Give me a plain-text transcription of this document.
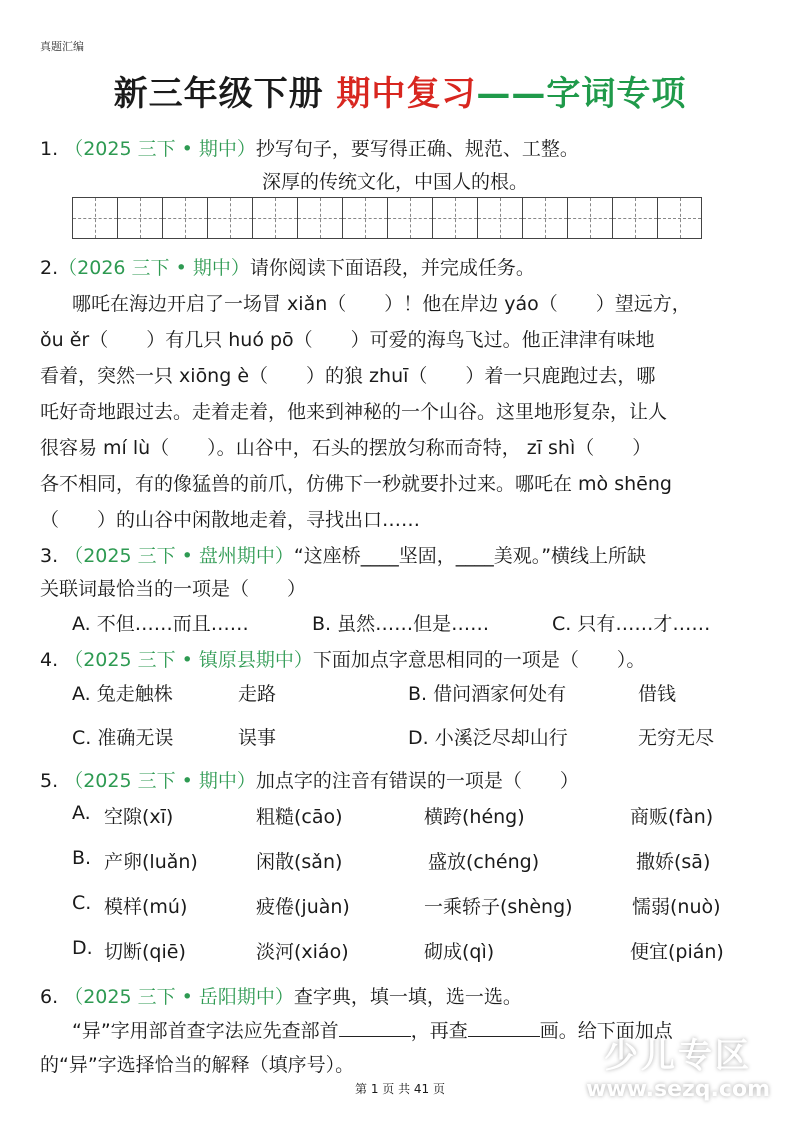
真题汇编
新三年级下册 期中复习——字词专项
1. （2025 三下 • 期中）抄写句子，要写得正确、规范、工整。
深厚的传统文化，中国人的根。
2.（2026 三下 • 期中）请你阅读下面语段，并完成任务。
哪吒在海边开启了一场冒 xiǎn（　　）！他在岸边 yáo（　　）望远方，
ǒu ěr（　　）有几只 huó pō（　　）可爱的海鸟飞过。他正津津有味地
看着，突然一只 xiōng è（　　）的狼 zhuī（　　）着一只鹿跑过去，哪
吒好奇地跟过去。走着走着，他来到神秘的一个山谷。这里地形复杂，让人
很容易 mí lù（　　）。山谷中，石头的摆放匀称而奇特， zī shì（　　）
各不相同，有的像猛兽的前爪，仿佛下一秒就要扑过来。哪吒在 mò shēng
（　　）的山谷中闲散地走着，寻找出口……
3. （2025 三下 • 盘州期中）“这座桥____坚固，____美观。”横线上所缺
关联词最恰当的一项是（　　）
A. 不但……而且……	B. 虽然……但是……	C. 只有……才……
4. （2025 三下 • 镇原县期中）下面加点字意思相同的一项是（　　）。
A. 兔走触株	走路	B. 借问酒家何处有	借钱
C. 准确无误	误事	D. 小溪泛尽却山行	无穷无尽
5. （2025 三下 • 期中）加点字的注音有错误的一项是（　　）
A. 空隙(xī)	粗糙(cāo)	横跨(héng)	商贩(fàn)
B. 产卵(luǎn)	闲散(sǎn)	盛放(chéng)	撒娇(sā)
C. 模样(mú)	疲倦(juàn)	一乘轿子(shèng)	懦弱(nuò)
D. 切断(qiē)	淡河(xiáo)	砌成(qì)	便宜(pián)
6. （2025 三下 • 岳阳期中）查字典，填一填，选一选。
“异”字用部首查字法应先查部首	，再查	画。给下面加点
的“异”字选择恰当的解释（填序号）。
第 1 页 共 41 页
少儿专区
www.sezq.com
